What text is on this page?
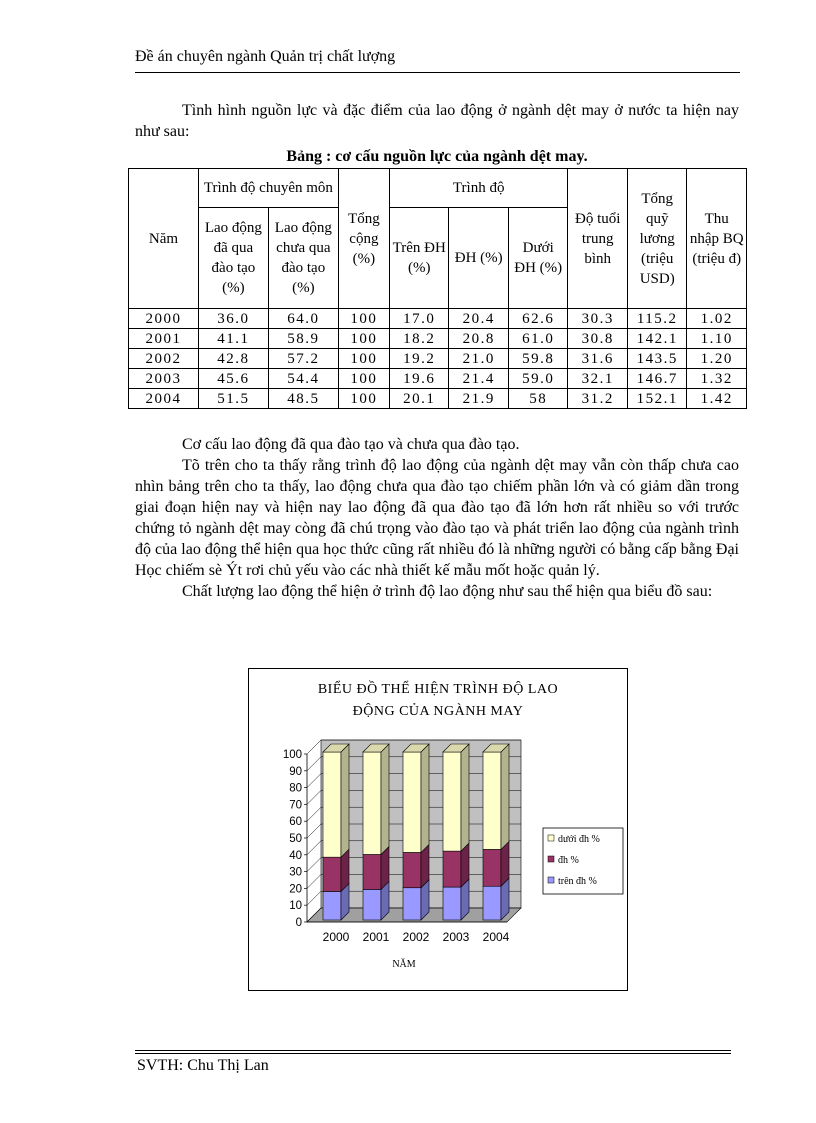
Đề án chuyên ngành Quản trị chất lượng
Tình hình nguồn lực và đặc điểm của lao động ở ngành dệt may ở nước ta hiện nay như sau:
Bảng : cơ cấu nguồn lực của ngành dệt may.
Năm	Trình độ chuyên môn		Tổng cộng (%)	Trình độ			Độ tuổi trung bình	Tổng quỹ lương (triệu USD)	Thu nhập BQ (triệu đ)
	Lao động đã qua đào tạo (%)	Lao động chưa qua đào tạo (%)		Trên ĐH (%)	ĐH (%)	Dưới ĐH (%)			
2000	36.0	64.0	100	17.0	20.4	62.6	30.3	115.2	1.02
2001	41.1	58.9	100	18.2	20.8	61.0	30.8	142.1	1.10
2002	42.8	57.2	100	19.2	21.0	59.8	31.6	143.5	1.20
2003	45.6	54.4	100	19.6	21.4	59.0	32.1	146.7	1.32
2004	51.5	48.5	100	20.1	21.9	58	31.2	152.1	1.42
Cơ cấu lao động đã qua đào tạo và chưa qua đào tạo.
Tõ trên cho ta thấy rằng trình độ lao động của ngành dệt may vẫn còn thấp chưa cao nhìn bảng trên cho ta thấy, lao động chưa qua đào tạo chiếm phần lớn và có giảm dần trong giai đoạn hiện nay và hiện nay lao động đã qua đào tạo đã lớn hơn rất nhiều so với trước chứng tỏ ngành dệt may còng đã chú trọng vào đào tạo và phát triển lao động của ngành trình độ của lao động thể hiện qua học thức cũng rất nhiều đó là những người có bằng cấp bằng Đại Học chiếm sè Ýt rơi chủ yếu vào các nhà thiết kế mẫu mốt hoặc quản lý.
Chất lượng lao động thể hiện ở trình độ lao động như sau thể hiện qua biểu đồ sau:
BIỂU ĐỒ THỂ HIỆN TRÌNH ĐỘ LAO
ĐỘNG CỦA NGÀNH MAY
0
10
20
30
40
50
60
70
80
90
100
2000 2001 2002 2003 2004
NĂM
dưới đh %
đh %
trên đh %
SVTH: Chu Thị Lan
